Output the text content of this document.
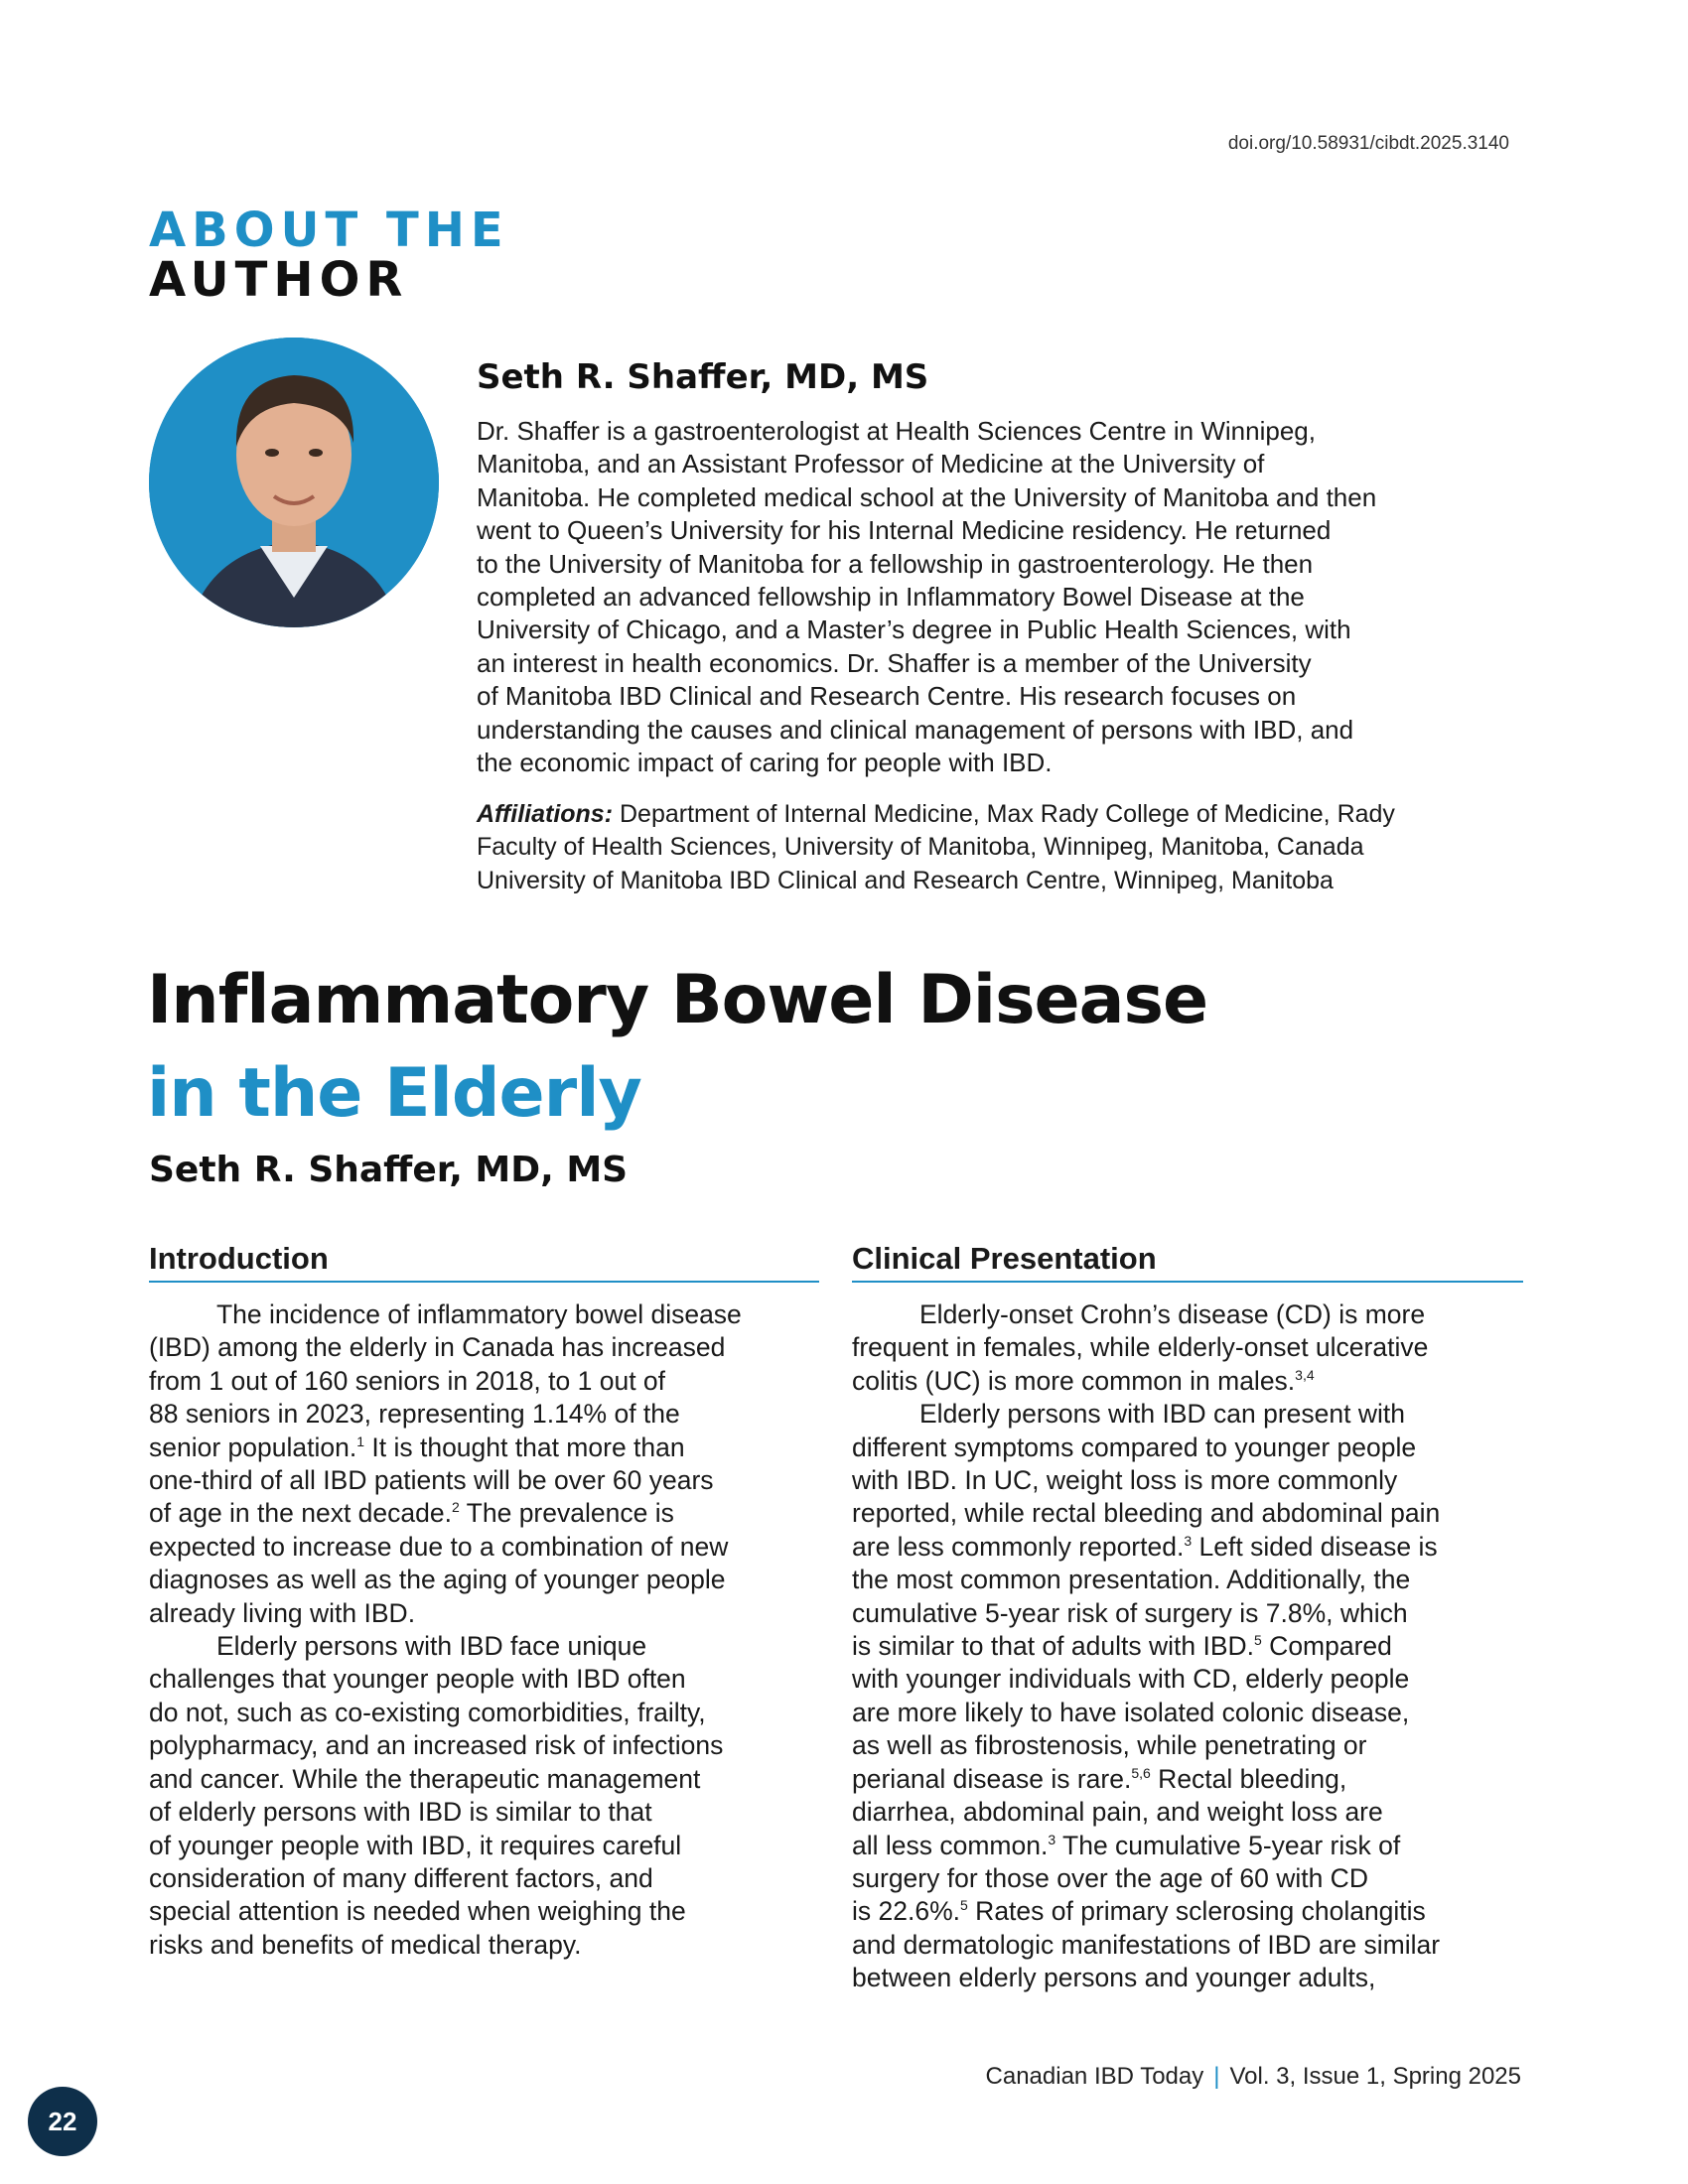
doi.org/10.58931/cibdt.2025.3140
ABOUT THE
AUTHOR
Seth R. Shaffer, MD, MS
Dr. Shaffer is a gastroenterologist at Health Sciences Centre in Winnipeg,
Manitoba, and an Assistant Professor of Medicine at the University of
Manitoba. He completed medical school at the University of Manitoba and then
went to Queen’s University for his Internal Medicine residency. He returned
to the University of Manitoba for a fellowship in gastroenterology. He then
completed an advanced fellowship in Inflammatory Bowel Disease at the
University of Chicago, and a Master’s degree in Public Health Sciences, with
an interest in health economics. Dr. Shaffer is a member of the University
of Manitoba IBD Clinical and Research Centre. His research focuses on
understanding the causes and clinical management of persons with IBD, and
the economic impact of caring for people with IBD.
Affiliations: Department of Internal Medicine, Max Rady College of Medicine, Rady
Faculty of Health Sciences, University of Manitoba, Winnipeg, Manitoba, Canada
University of Manitoba IBD Clinical and Research Centre, Winnipeg, Manitoba
Inflammatory Bowel Disease
in the Elderly
Seth R. Shaffer, MD, MS
Introduction	Clinical Presentation
The incidence of inflammatory bowel disease
(IBD) among the elderly in Canada has increased
from 1 out of 160 seniors in 2018, to 1 out of
88 seniors in 2023, representing 1.14% of the
senior population.$^1$ It is thought that more than
one-third of all IBD patients will be over 60 years
of age in the next decade.$^2$ The prevalence is
expected to increase due to a combination of new
diagnoses as well as the aging of younger people
already living with IBD.
Elderly persons with IBD face unique
challenges that younger people with IBD often
do not, such as co-existing comorbidities, frailty,
polypharmacy, and an increased risk of infections
and cancer. While the therapeutic management
of elderly persons with IBD is similar to that
of younger people with IBD, it requires careful
consideration of many different factors, and
special attention is needed when weighing the
risks and benefits of medical therapy.
Elderly-onset Crohn’s disease (CD) is more
frequent in females, while elderly-onset ulcerative
colitis (UC) is more common in males.$^{3,4}$
Elderly persons with IBD can present with
different symptoms compared to younger people
with IBD. In UC, weight loss is more commonly
reported, while rectal bleeding and abdominal pain
are less commonly reported.$^3$ Left sided disease is
the most common presentation. Additionally, the
cumulative 5-year risk of surgery is 7.8%, which
is similar to that of adults with IBD.$^5$ Compared
with younger individuals with CD, elderly people
are more likely to have isolated colonic disease,
as well as fibrostenosis, while penetrating or
perianal disease is rare.$^{5,6}$ Rectal bleeding,
diarrhea, abdominal pain, and weight loss are
all less common.$^3$ The cumulative 5-year risk of
surgery for those over the age of 60 with CD
is 22.6%.$^5$ Rates of primary sclerosing cholangitis
and dermatologic manifestations of IBD are similar
between elderly persons and younger adults,
Canadian IBD Today | Vol. 3, Issue 1, Spring 2025
22
